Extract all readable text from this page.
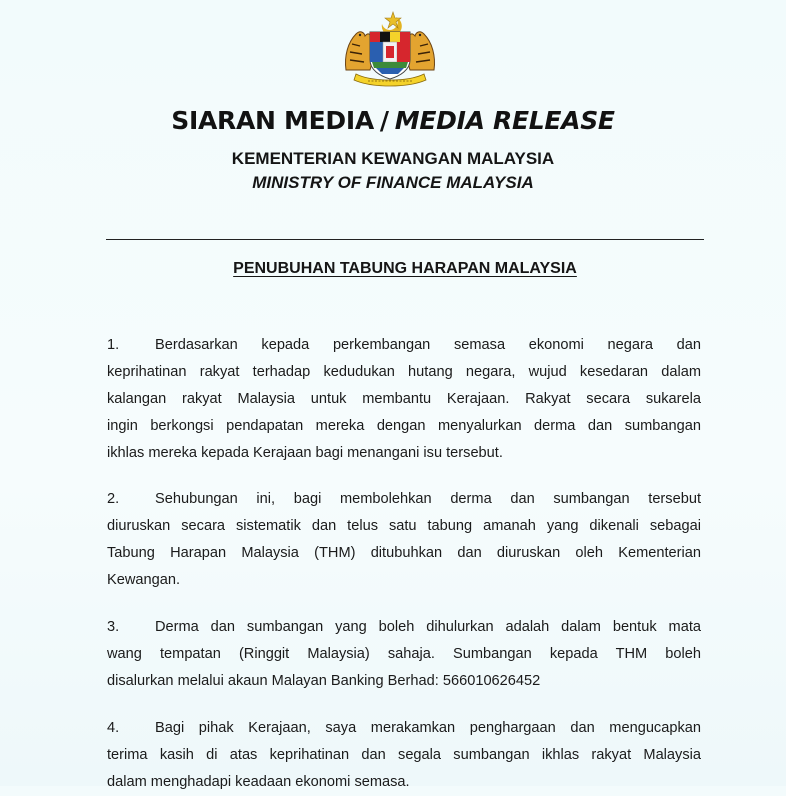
SIARAN MEDIA / MEDIA RELEASE
KEMENTERIAN KEWANGAN MALAYSIA
MINISTRY OF FINANCE MALAYSIA
PENUBUHAN TABUNG HARAPAN MALAYSIA
1. Berdasarkan kepada perkembangan semasa ekonomi negara dan
keprihatinan rakyat terhadap kedudukan hutang negara, wujud kesedaran dalam
kalangan rakyat Malaysia untuk membantu Kerajaan. Rakyat secara sukarela
ingin berkongsi pendapatan mereka dengan menyalurkan derma dan sumbangan
ikhlas mereka kepada Kerajaan bagi menangani isu tersebut.
2. Sehubungan ini, bagi membolehkan derma dan sumbangan tersebut
diuruskan secara sistematik dan telus satu tabung amanah yang dikenali sebagai
Tabung Harapan Malaysia (THM) ditubuhkan dan diuruskan oleh Kementerian
Kewangan.
3. Derma dan sumbangan yang boleh dihulurkan adalah dalam bentuk mata
wang tempatan (Ringgit Malaysia) sahaja. Sumbangan kepada THM boleh
disalurkan melalui akaun Malayan Banking Berhad: 566010626452
4. Bagi pihak Kerajaan, saya merakamkan penghargaan dan mengucapkan
terima kasih di atas keprihatinan dan segala sumbangan ikhlas rakyat Malaysia
dalam menghadapi keadaan ekonomi semasa.
